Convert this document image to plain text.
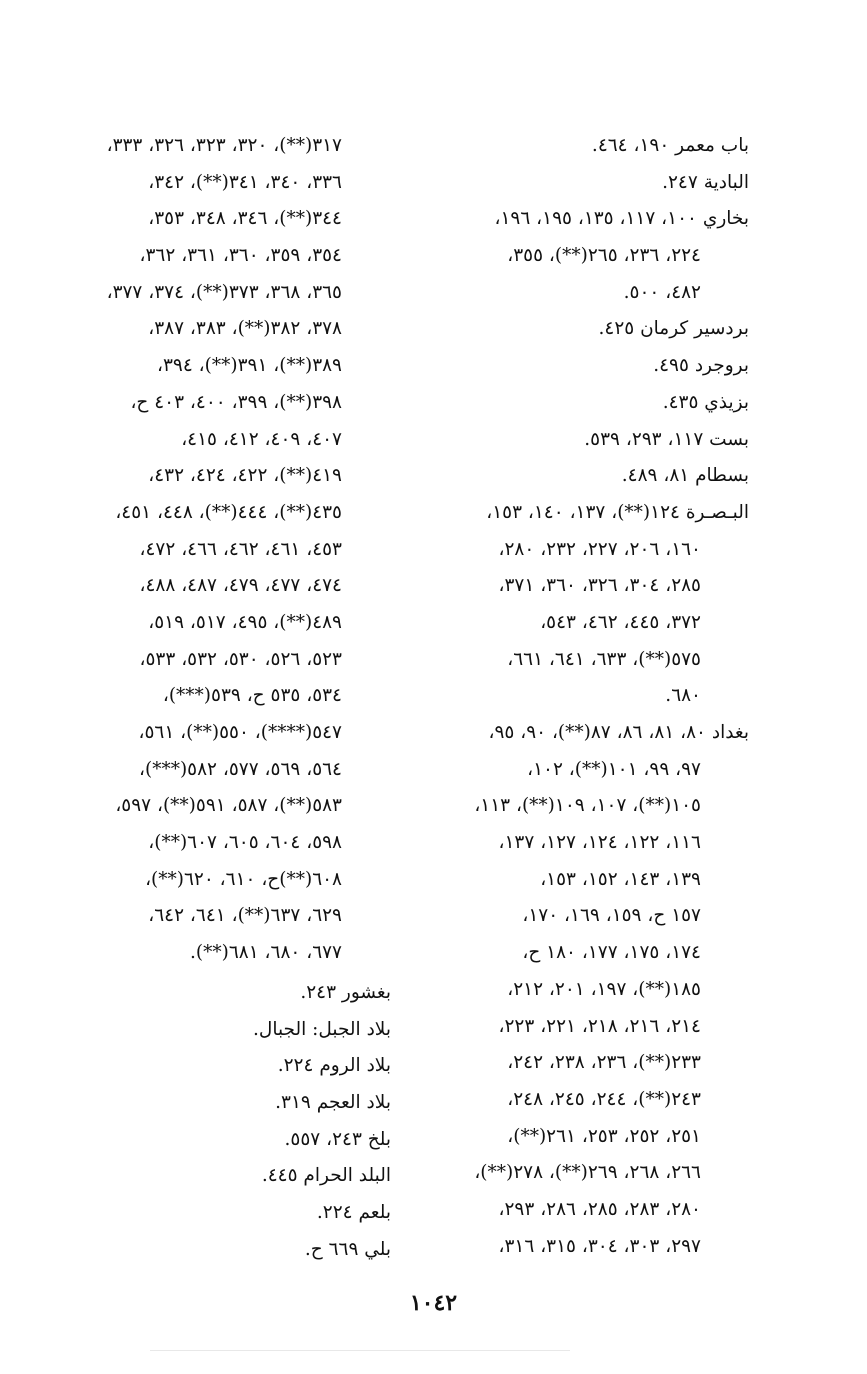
باب معمر ١٩٠، ٤٦٤.
البادية ٢٤٧.
بخاري ١٠٠، ١١٧، ١٣٥، ١٩٥، ١٩٦،
٢٢٤، ٢٣٦، ٢٦٥(**)، ٣٥٥،
٤٨٢، ٥٠٠.
بردسير كرمان ٤٢٥.
بروجرد ٤٩٥.
بزيذي ٤٣٥.
بست ١١٧، ٢٩٣، ٥٣٩.
بسطام ٨١، ٤٨٩.
البـصـرة ١٢٤(**)، ١٣٧، ١٤٠، ١٥٣،
١٦٠، ٢٠٦، ٢٢٧، ٢٣٢، ٢٨٠،
٢٨٥، ٣٠٤، ٣٢٦، ٣٦٠، ٣٧١،
٣٧٢، ٤٤٥، ٤٦٢، ٥٤٣،
٥٧٥(**)، ٦٣٣، ٦٤١، ٦٦١،
٦٨٠.
بغداد ٨٠، ٨١، ٨٦، ٨٧(**)، ٩٠، ٩٥،
٩٧، ٩٩، ١٠١(**)، ١٠٢،
١٠٥(**)، ١٠٧، ١٠٩(**)، ١١٣،
١١٦، ١٢٢، ١٢٤، ١٢٧، ١٣٧،
١٣٩، ١٤٣، ١٥٢، ١٥٣،
١٥٧ ح، ١٥٩، ١٦٩، ١٧٠،
١٧٤، ١٧٥، ١٧٧، ١٨٠ ح،
١٨٥(**)، ١٩٧، ٢٠١، ٢١٢،
٢١٤، ٢١٦، ٢١٨، ٢٢١، ٢٢٣،
٢٣٣(**)، ٢٣٦، ٢٣٨، ٢٤٢،
٢٤٣(**)، ٢٤٤، ٢٤٥، ٢٤٨،
٢٥١، ٢٥٢، ٢٥٣، ٢٦١(**)،
٢٦٦، ٢٦٨، ٢٦٩(**)، ٢٧٨(**)،
٢٨٠، ٢٨٣، ٢٨٥، ٢٨٦، ٢٩٣،
٢٩٧، ٣٠٣، ٣٠٤، ٣١٥، ٣١٦،
٣١٧(**)، ٣٢٠، ٣٢٣، ٣٢٦، ٣٣٣،
٣٣٦، ٣٤٠، ٣٤١(**)، ٣٤٢،
٣٤٤(**)، ٣٤٦، ٣٤٨، ٣٥٣،
٣٥٤، ٣٥٩، ٣٦٠، ٣٦١، ٣٦٢،
٣٦٥، ٣٦٨، ٣٧٣(**)، ٣٧٤، ٣٧٧،
٣٧٨، ٣٨٢(**)، ٣٨٣، ٣٨٧،
٣٨٩(**)، ٣٩١(**)، ٣٩٤،
٣٩٨(**)، ٣٩٩، ٤٠٠، ٤٠٣ ح،
٤٠٧، ٤٠٩، ٤١٢، ٤١٥،
٤١٩(**)، ٤٢٢، ٤٢٤، ٤٣٢،
٤٣٥(**)، ٤٤٤(**)، ٤٤٨، ٤٥١،
٤٥٣، ٤٦١، ٤٦٢، ٤٦٦، ٤٧٢،
٤٧٤، ٤٧٧، ٤٧٩، ٤٨٧، ٤٨٨،
٤٨٩(**)، ٤٩٥، ٥١٧، ٥١٩،
٥٢٣، ٥٢٦، ٥٣٠، ٥٣٢، ٥٣٣،
٥٣٤، ٥٣٥ ح، ٥٣٩(***)،
٥٤٧(****)، ٥٥٠(**)، ٥٦١،
٥٦٤، ٥٦٩، ٥٧٧، ٥٨٢(***)،
٥٨٣(**)، ٥٨٧، ٥٩١(**)، ٥٩٧،
٥٩٨، ٦٠٤، ٦٠٥، ٦٠٧(**)،
٦٠٨(**)ح، ٦١٠، ٦٢٠(**)،
٦٢٩، ٦٣٧(**)، ٦٤١، ٦٤٢،
٦٧٧، ٦٨٠، ٦٨١(**).
بغشور ٢٤٣.
بلاد الجبل: الجبال.
بلاد الروم ٢٢٤.
بلاد العجم ٣١٩.
بلخ ٢٤٣، ٥٥٧.
البلد الحرام ٤٤٥.
بلعم ٢٢٤.
بلي ٦٦٩ ح.
١٠٤٢
